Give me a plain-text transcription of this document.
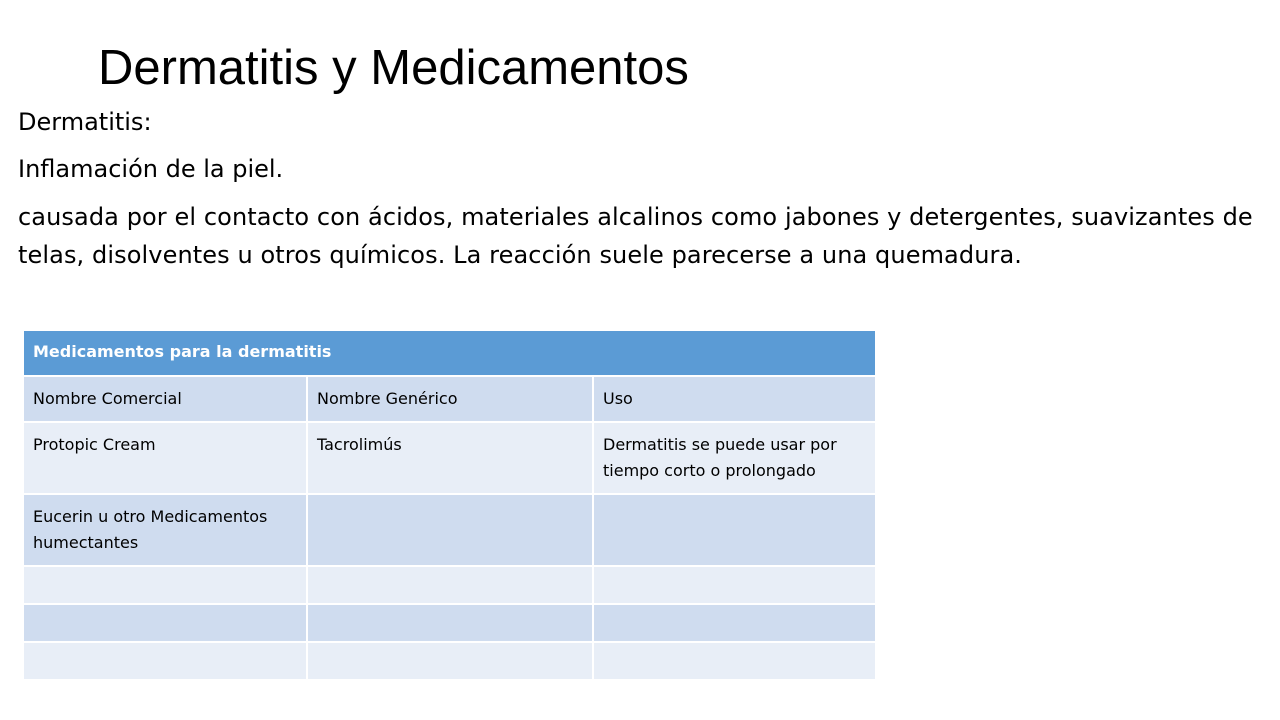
Dermatitis y Medicamentos

Dermatitis:

Inflamación de la piel.

causada por el contacto con ácidos, materiales alcalinos como jabones y detergentes, suavizantes de telas, disolventes u otros químicos. La reacción suele parecerse a una quemadura.

Medicamentos para la dermatitis		
Nombre Comercial	Nombre Genérico	Uso
Protopic Cream	Tacrolimús	Dermatitis se puede usar por tiempo corto o prolongado
Eucerin u otro Medicamentos humectantes		
